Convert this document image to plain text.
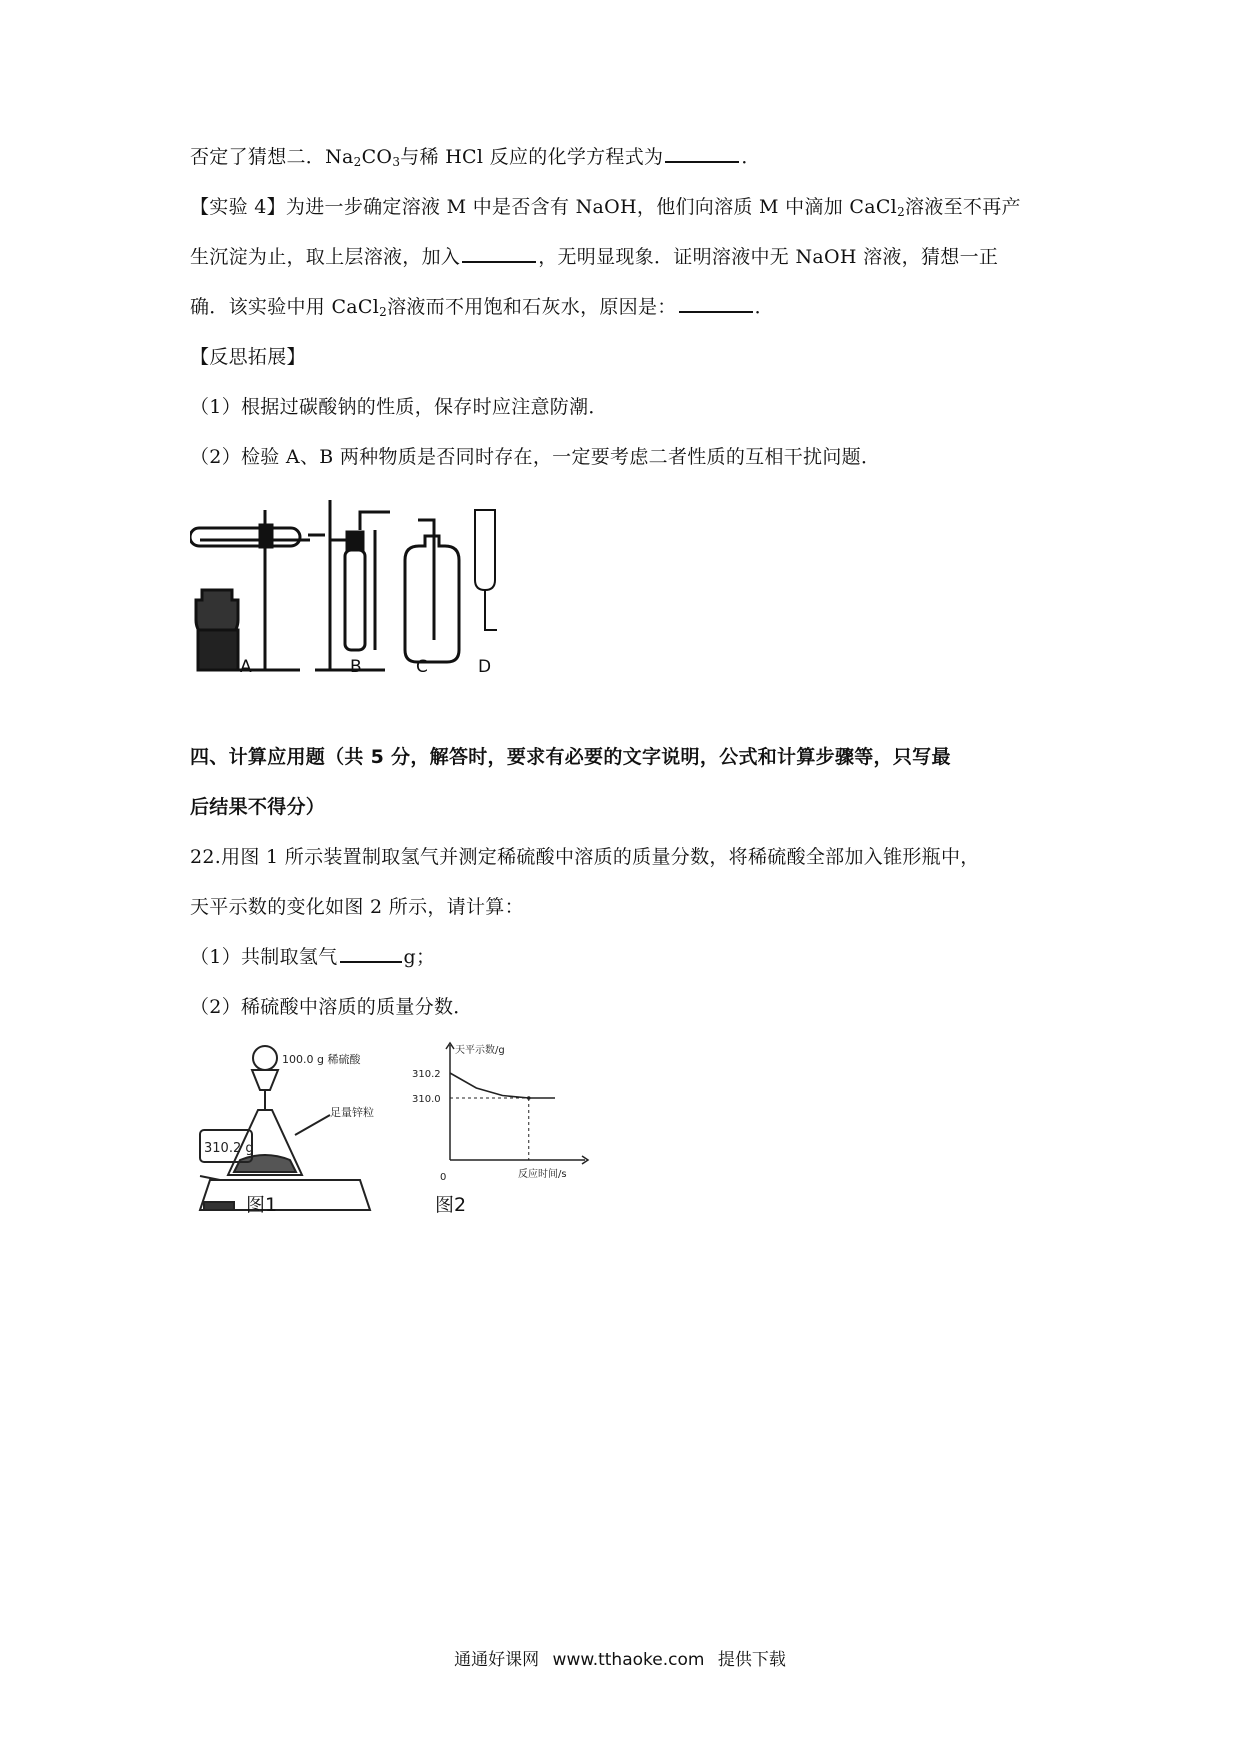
否定了猜想二．$Na_2CO_3$与稀 HCl 反应的化学方程式为	．
【实验 4】为进一步确定溶液 M 中是否含有 NaOH，他们向溶质 M 中滴加 CaCl$_2$溶液至不再产
生沉淀为止，取上层溶液，加入	，无明显现象．证明溶液中无 NaOH 溶液，猜想一正
确．该实验中用 CaCl$_2$溶液而不用饱和石灰水，原因是：	．
【反思拓展】
（1）根据过碳酸钠的性质，保存时应注意防潮．
（2）检验 A、B 两种物质是否同时存在，一定要考虑二者性质的互相干扰问题．
A	B	C	D
四、计算应用题（共 5 分，解答时，要求有必要的文字说明，公式和计算步骤等，只写最
后结果不得分）
22.用图 1 所示装置制取氢气并测定稀硫酸中溶质的质量分数，将稀硫酸全部加入锥形瓶中，
天平示数的变化如图 2 所示，请计算：
（1）共制取氢气	g；
（2）稀硫酸中溶质的质量分数．
100.0 g 稀硫酸
足量锌粒
310.2 g
图1
天平示数/g
反应时间/s
0
310.2
310.0
图2
通通好课网 www.tthaoke.com 提供下载
